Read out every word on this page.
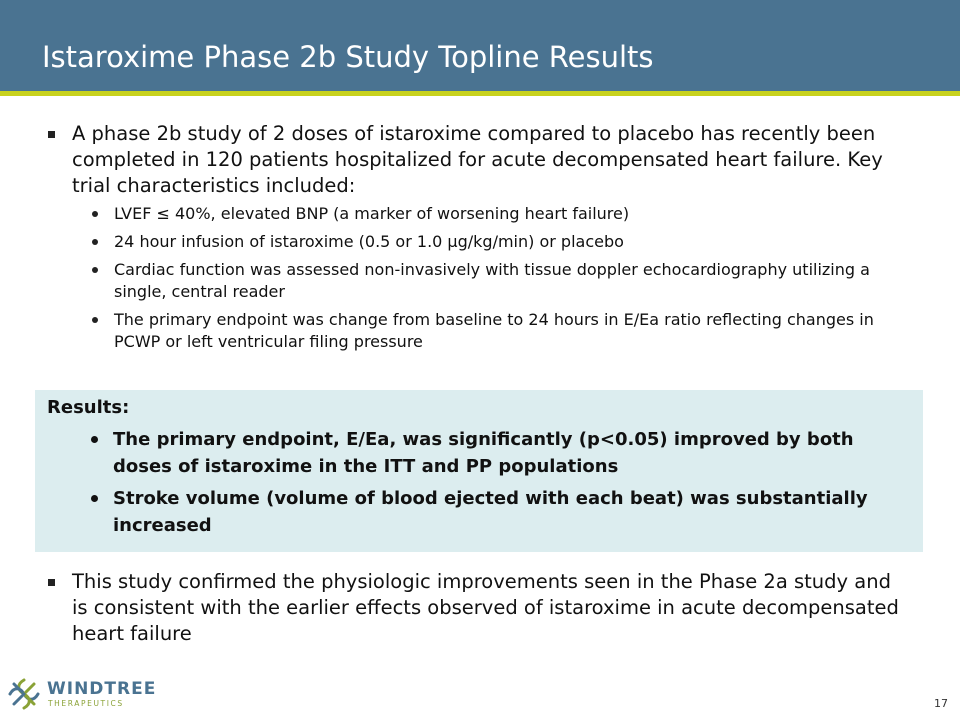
Istaroxime Phase 2b Study Topline Results
A phase 2b study of 2 doses of istaroxime compared to placebo has recently been completed in 120 patients hospitalized for acute decompensated heart failure. Key trial characteristics included:
LVEF ≤ 40%, elevated BNP (a marker of worsening heart failure)
24 hour infusion of istaroxime (0.5 or 1.0 µg/kg/min) or placebo
Cardiac function was assessed non-invasively with tissue doppler echocardiography utilizing a single, central reader
The primary endpoint was change from baseline to 24 hours in E/Ea ratio reflecting changes in PCWP or left ventricular filing pressure
Results:
The primary endpoint, E/Ea, was significantly (p<0.05) improved by both doses of istaroxime in the ITT and PP populations
Stroke volume (volume of blood ejected with each beat) was substantially increased
This study confirmed the physiologic improvements seen in the Phase 2a study and is consistent with the earlier effects observed of istaroxime in acute decompensated heart failure
WINDTREE
THERAPEUTICS	17
